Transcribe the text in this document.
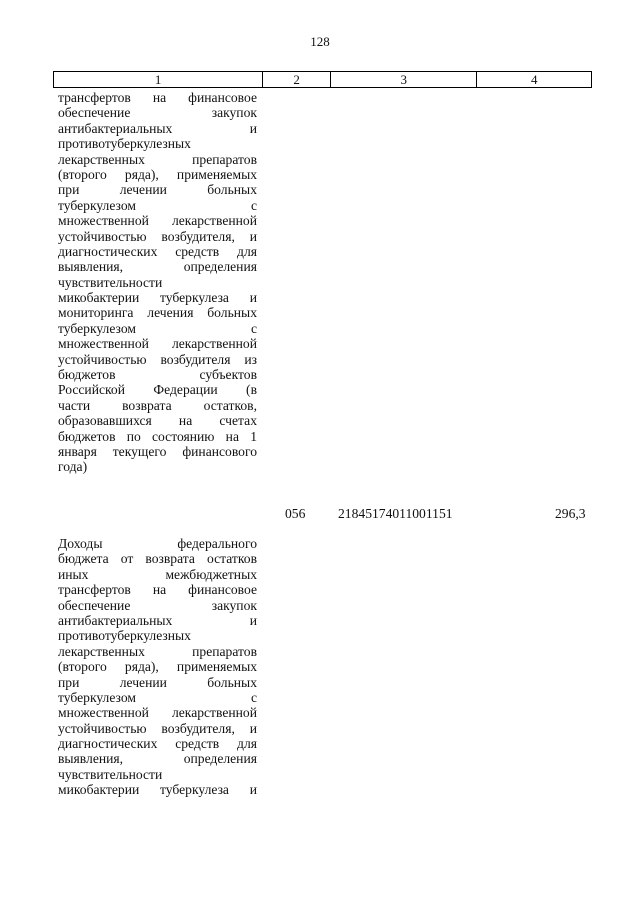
128
1	2	3	4
трансфертов на финансовое
обеспечение закупок
антибактериальных и
противотуберкулезных
лекарственных препаратов
(второго ряда), применяемых
при лечении больных
туберкулезом с
множественной лекарственной
устойчивостью возбудителя, и
диагностических средств для
выявления, определения
чувствительности
микобактерии туберкулеза и
мониторинга лечения больных
туберкулезом с
множественной лекарственной
устойчивостью возбудителя из
бюджетов субъектов
Российской Федерации (в
части возврата остатков,
образовавшихся на счетах
бюджетов по состоянию на 1
января текущего финансового
года)
056 21845174011001151	296,3
Доходы федерального
бюджета от возврата остатков
иных межбюджетных
трансфертов на финансовое
обеспечение закупок
антибактериальных и
противотуберкулезных
лекарственных препаратов
(второго ряда), применяемых
при лечении больных
туберкулезом с
множественной лекарственной
устойчивостью возбудителя, и
диагностических средств для
выявления, определения
чувствительности
микобактерии туберкулеза и
